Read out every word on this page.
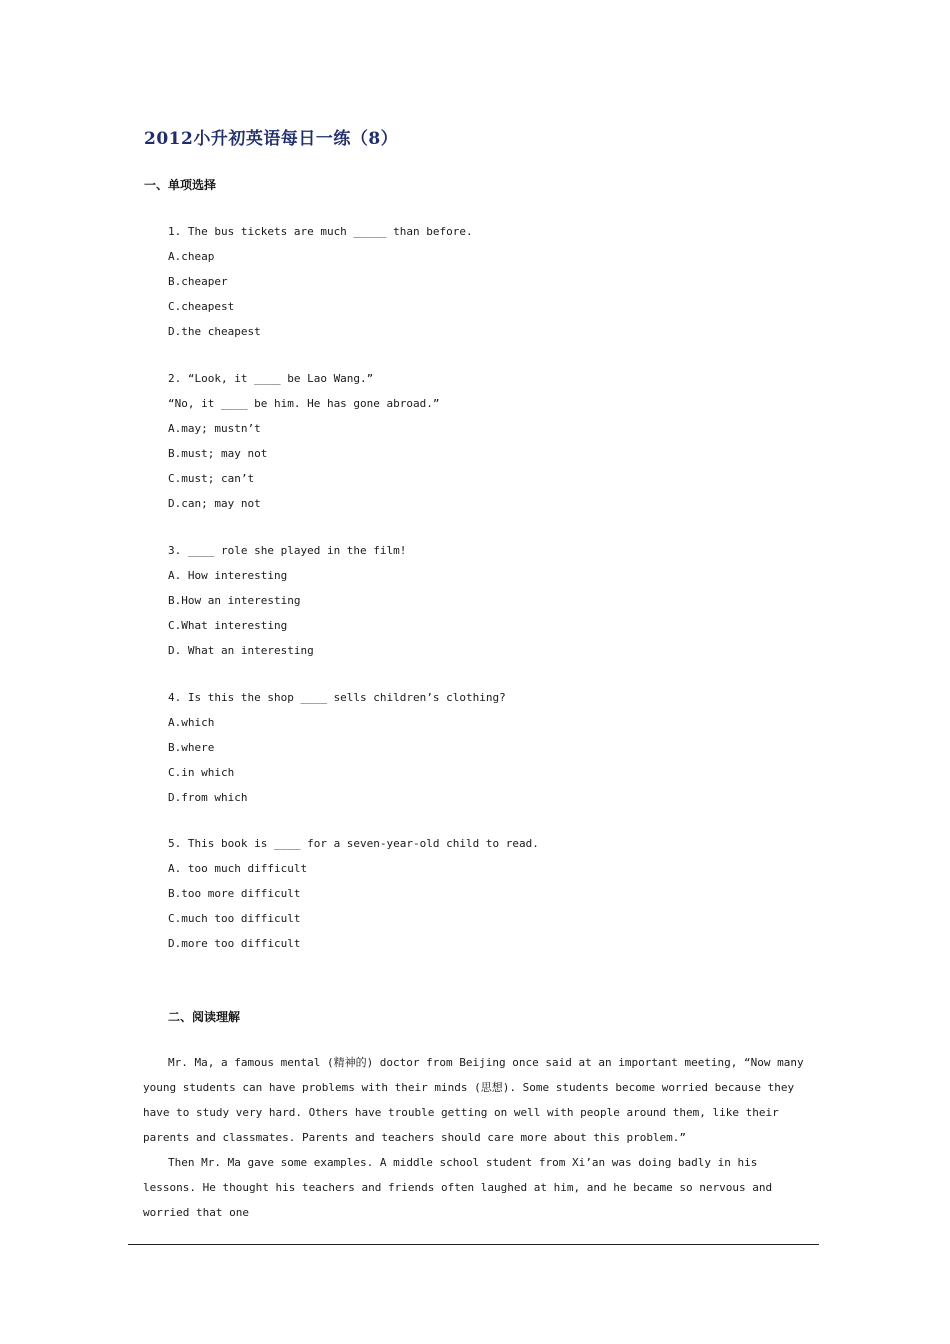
2012小升初英语每日一练（8）
一、单项选择
1. The bus tickets are much _____ than before.
A.cheap
B.cheaper
C.cheapest
D.the cheapest
2. “Look, it ____ be Lao Wang.”
“No, it ____ be him. He has gone abroad.”
A.may; mustn’t
B.must; may not
C.must; can’t
D.can; may not
3. ____ role she played in the film!
A. How interesting
B.How an interesting
C.What interesting
D. What an interesting
4. Is this the shop ____ sells children’s clothing?
A.which
B.where
C.in which
D.from which
5. This book is ____ for a seven-year-old child to read.
A. too much difficult
B.too more difficult
C.much too difficult
D.more too difficult
二、阅读理解
Mr. Ma, a famous mental (精神的) doctor from Beijing once said at an important meeting, “Now many young students can have problems with their minds (思想). Some students become worried because they have to study very hard. Others have trouble getting on well with people around them, like their parents and classmates. Parents and teachers should care more about this problem.”
Then Mr. Ma gave some examples. A middle school student from Xi’an was doing badly in his lessons. He thought his teachers and friends often laughed at him, and he became so nervous and worried that one
